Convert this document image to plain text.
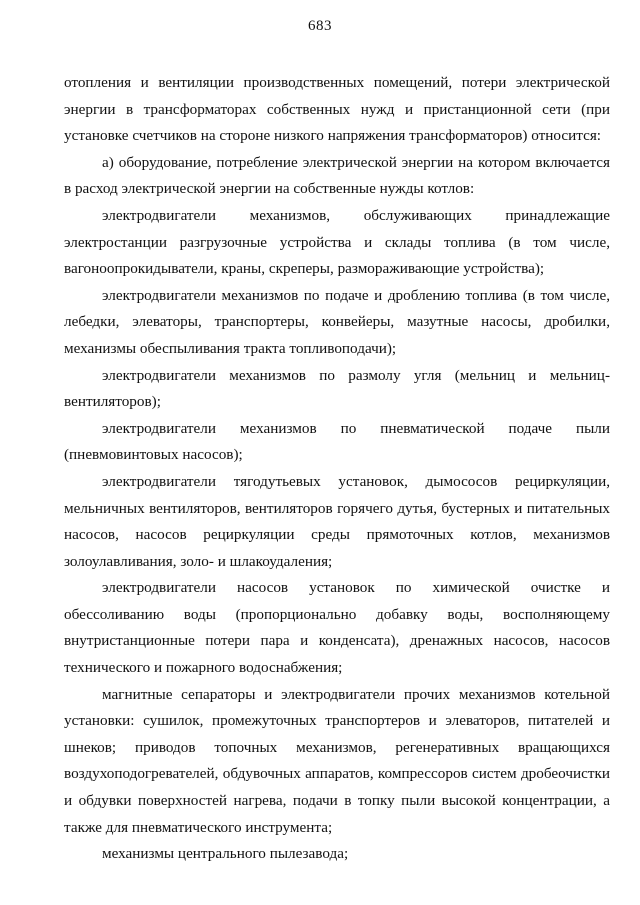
683

отопления и вентиляции производственных помещений, потери электрической энергии в трансформаторах собственных нужд и пристанционной сети (при установке счетчиков на стороне низкого напряжения трансформаторов) относится:

а) оборудование, потребление электрической энергии на котором включается в расход электрической энергии на собственные нужды котлов:

электродвигатели механизмов, обслуживающих принадлежащие электростанции разгрузочные устройства и склады топлива (в том числе, вагоноопрокидыватели, краны, скреперы, размораживающие устройства);

электродвигатели механизмов по подаче и дроблению топлива (в том числе, лебедки, элеваторы, транспортеры, конвейеры, мазутные насосы, дробилки, механизмы обеспыливания тракта топливоподачи);

электродвигатели механизмов по размолу угля (мельниц и мельниц-вентиляторов);

электродвигатели механизмов по пневматической подаче пыли (пневмовинтовых насосов);

электродвигатели тягодутьевых установок, дымососов рециркуляции, мельничных вентиляторов, вентиляторов горячего дутья, бустерных и питательных насосов, насосов рециркуляции среды прямоточных котлов, механизмов золоулавливания, золо- и шлакоудаления;

электродвигатели насосов установок по химической очистке и обессоливанию воды (пропорционально добавку воды, восполняющему внутристанционные потери пара и конденсата), дренажных насосов, насосов технического и пожарного водоснабжения;

магнитные сепараторы и электродвигатели прочих механизмов котельной установки: сушилок, промежуточных транспортеров и элеваторов, питателей и шнеков; приводов топочных механизмов, регенеративных вращающихся воздухоподогревателей, обдувочных аппаратов, компрессоров систем дробеочистки и обдувки поверхностей нагрева, подачи в топку пыли высокой концентрации, а также для пневматического инструмента;

механизмы центрального пылезавода;
